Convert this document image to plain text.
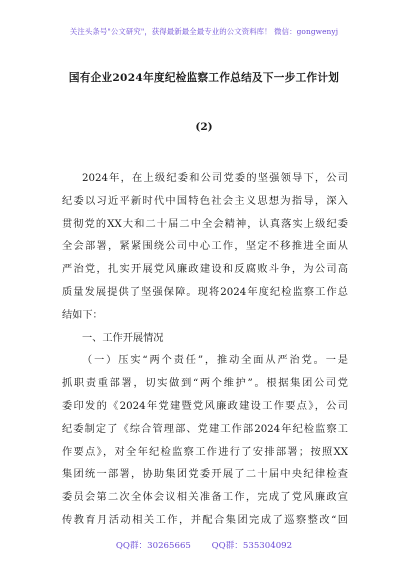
关注头条号"公文研究"，获得最新最全最专业的公文资料库！ 微信：gongwenyj
国有企业2024年度纪检监察工作总结及下一步工作计划
(2)
2024年，在上级纪委和公司党委的坚强领导下，公司
纪委以习近平新时代中国特色社会主义思想为指导，深入
贯彻党的XX大和二十届二中全会精神，认真落实上级纪委
全会部署，紧紧围绕公司中心工作，坚定不移推进全面从
严治党，扎实开展党风廉政建设和反腐败斗争，为公司高
质量发展提供了坚强保障。现将2024年度纪检监察工作总
结如下：
一、工作开展情况
（一）压实“两个责任”，推动全面从严治党。一是
抓职责重部署，切实做到“两个维护”。根据集团公司党
委印发的《2024年党建暨党风廉政建设工作要点》，公司
纪委制定了《综合管理部、党建工作部2024年纪检监察工
作要点》，对全年纪检监察工作进行了安排部署；按照XX
集团统一部署，协助集团党委开展了二十届中央纪律检查
委员会第二次全体会议相关准备工作，完成了党风廉政宣
传教育月活动相关工作，并配合集团完成了巡察整改“回
QQ群：30265665 QQ群：535304092
